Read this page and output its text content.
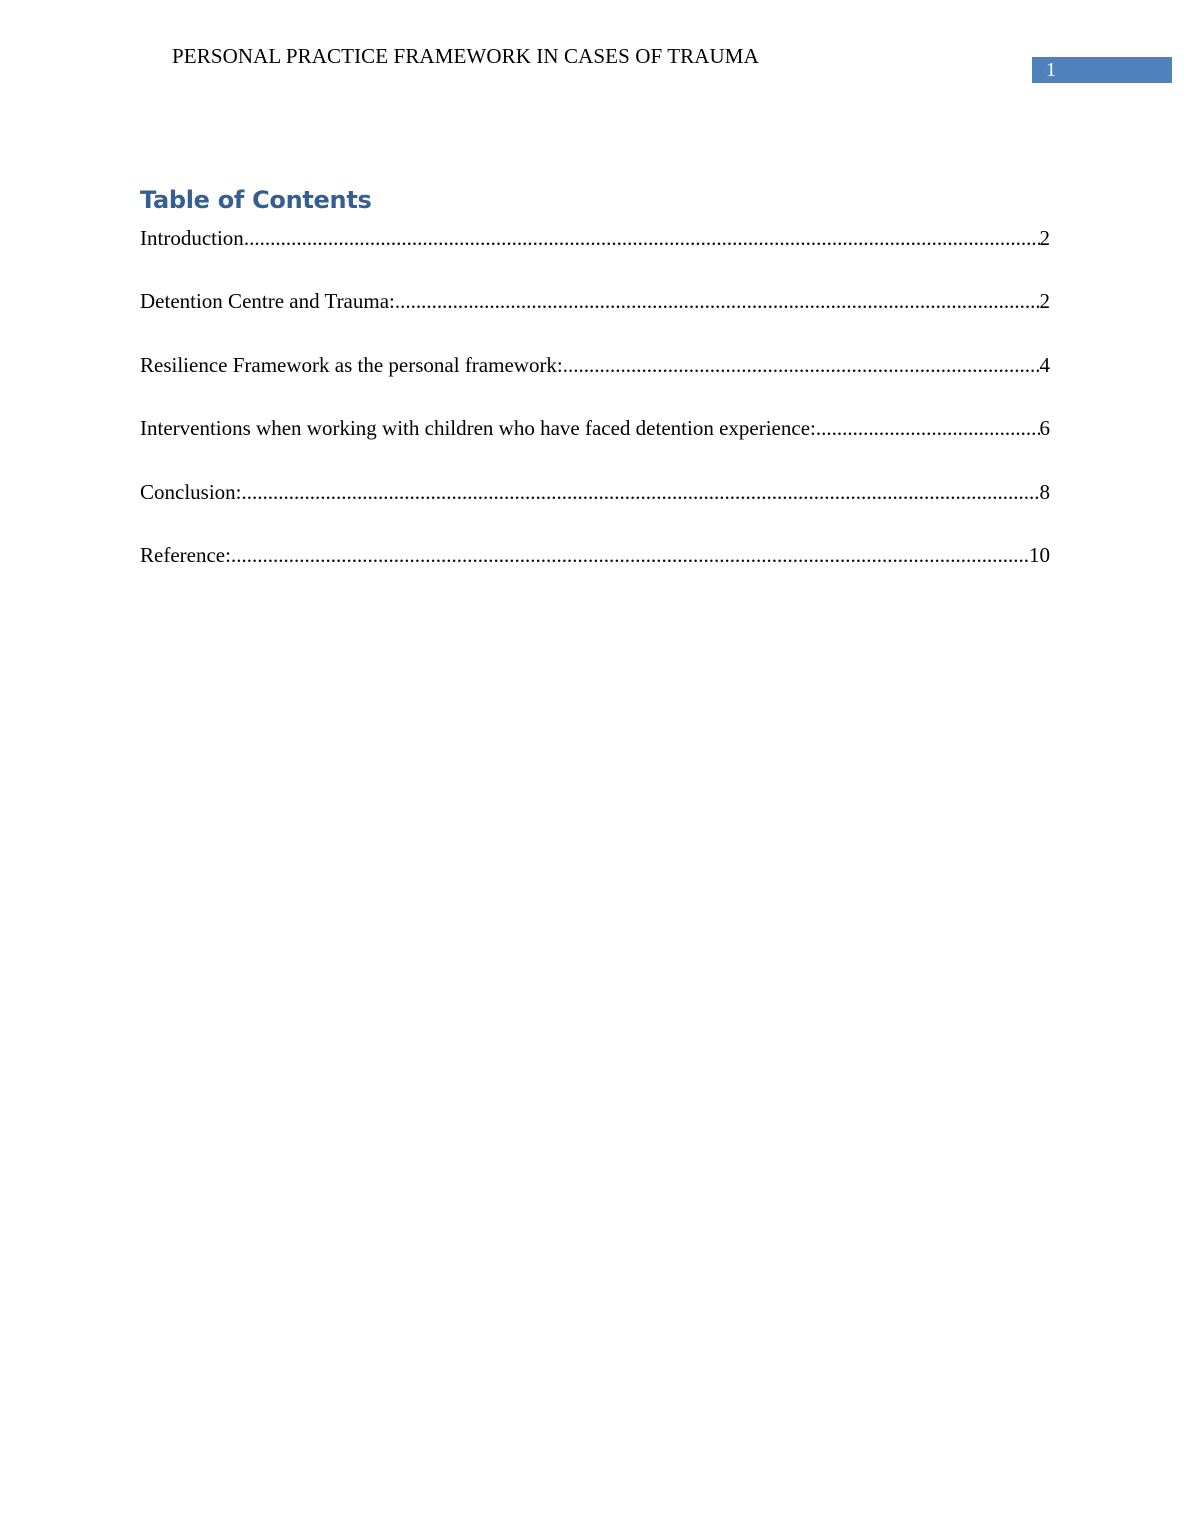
PERSONAL PRACTICE FRAMEWORK IN CASES OF TRAUMA
1
Table of Contents
Introduction .....	2
Detention Centre and Trauma: .....	2
Resilience Framework as the personal framework: .....	4
Interventions when working with children who have faced detention experience: .....	6
Conclusion: .....	8
Reference: .....	10
